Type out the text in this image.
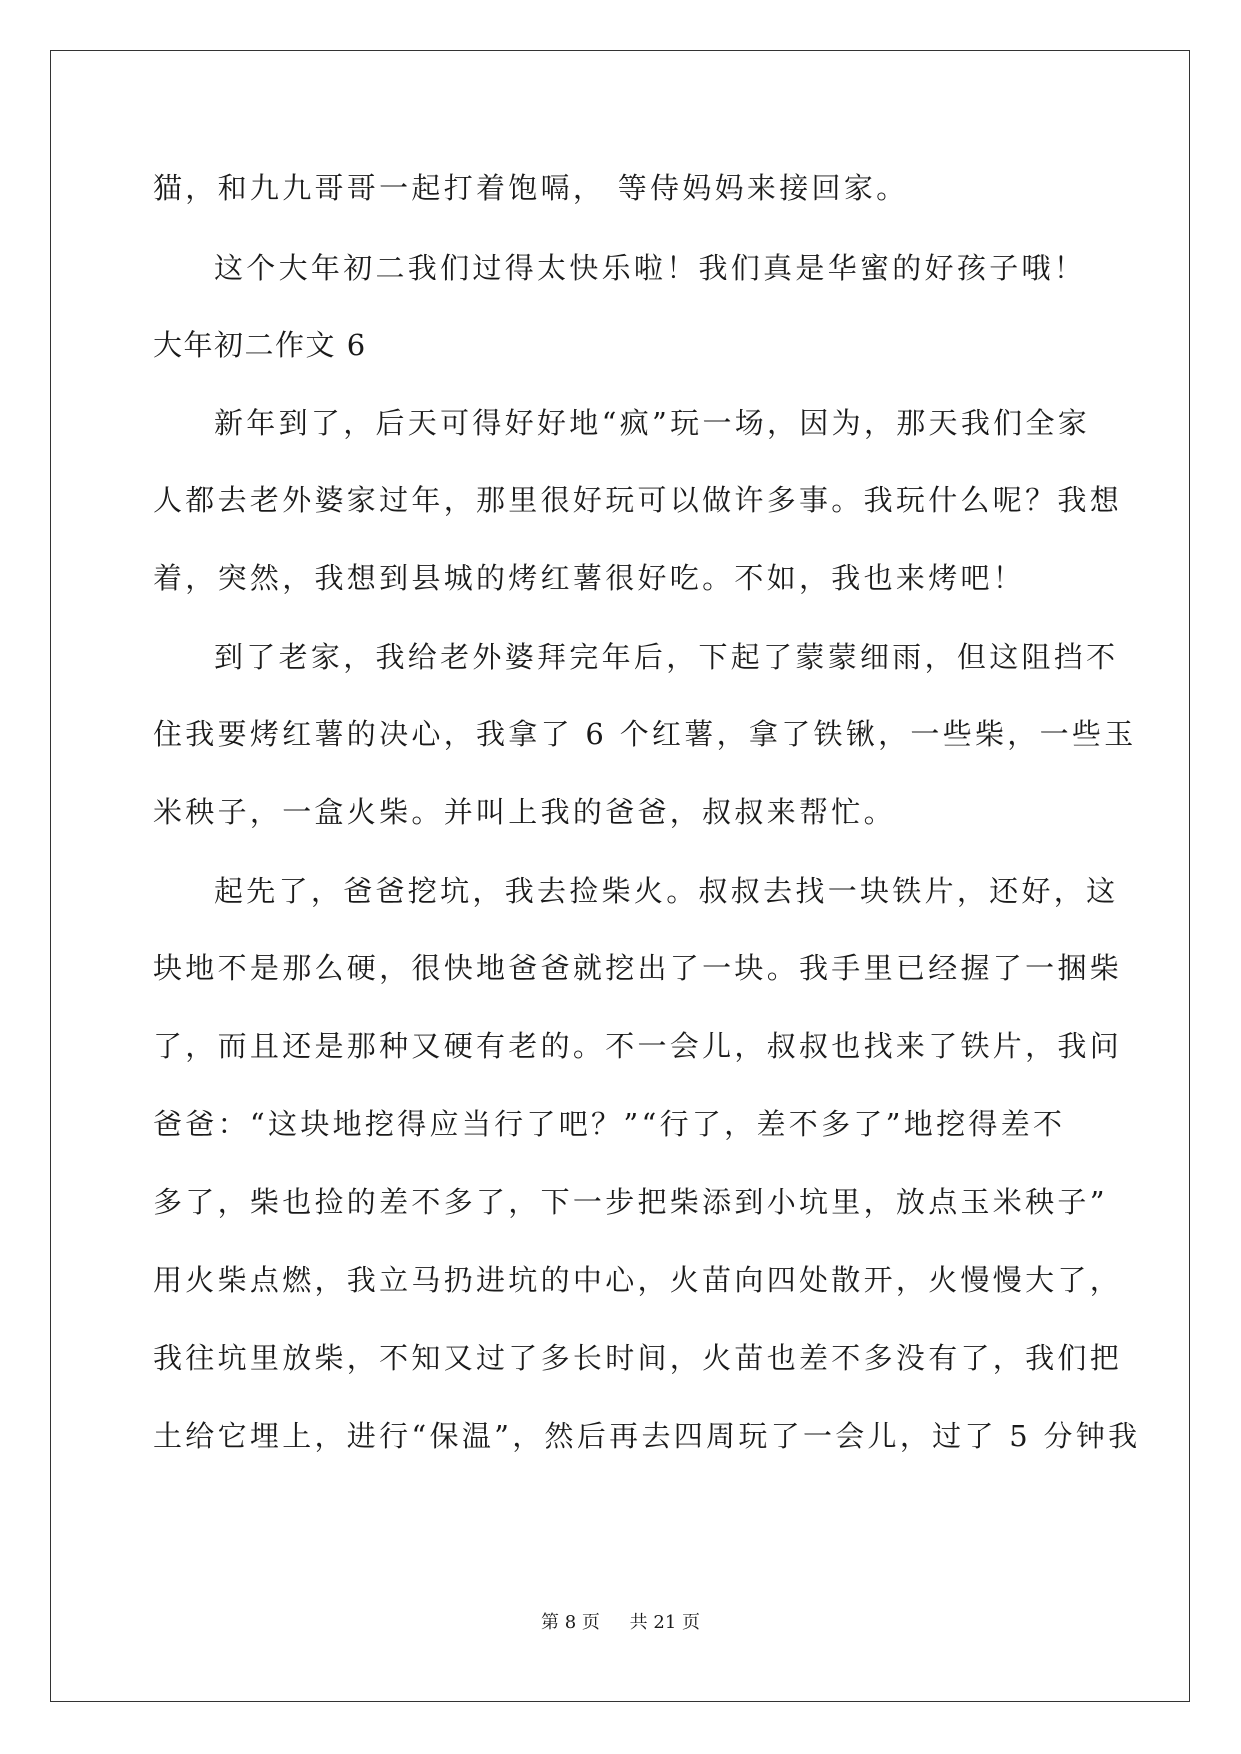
猫，和九九哥哥一起打着饱嗝， 等侍妈妈来接回家。
这个大年初二我们过得太快乐啦！我们真是华蜜的好孩子哦！
大年初二作文 6
新年到了，后天可得好好地“疯”玩一场，因为，那天我们全家
人都去老外婆家过年，那里很好玩可以做许多事。我玩什么呢？我想
着，突然，我想到县城的烤红薯很好吃。不如，我也来烤吧！
到了老家，我给老外婆拜完年后，下起了蒙蒙细雨，但这阻挡不
住我要烤红薯的决心，我拿了 6 个红薯，拿了铁锹，一些柴，一些玉
米秧子，一盒火柴。并叫上我的爸爸，叔叔来帮忙。
起先了，爸爸挖坑，我去捡柴火。叔叔去找一块铁片，还好，这
块地不是那么硬，很快地爸爸就挖出了一块。我手里已经握了一捆柴
了，而且还是那种又硬有老的。不一会儿，叔叔也找来了铁片，我问
爸爸：“这块地挖得应当行了吧？”“行了，差不多了”地挖得差不
多了，柴也捡的差不多了，下一步把柴添到小坑里，放点玉米秧子”
用火柴点燃，我立马扔进坑的中心，火苗向四处散开，火慢慢大了，
我往坑里放柴，不知又过了多长时间，火苗也差不多没有了，我们把
土给它埋上，进行“保温”，然后再去四周玩了一会儿，过了 5 分钟我
第 8 页 共 21 页
